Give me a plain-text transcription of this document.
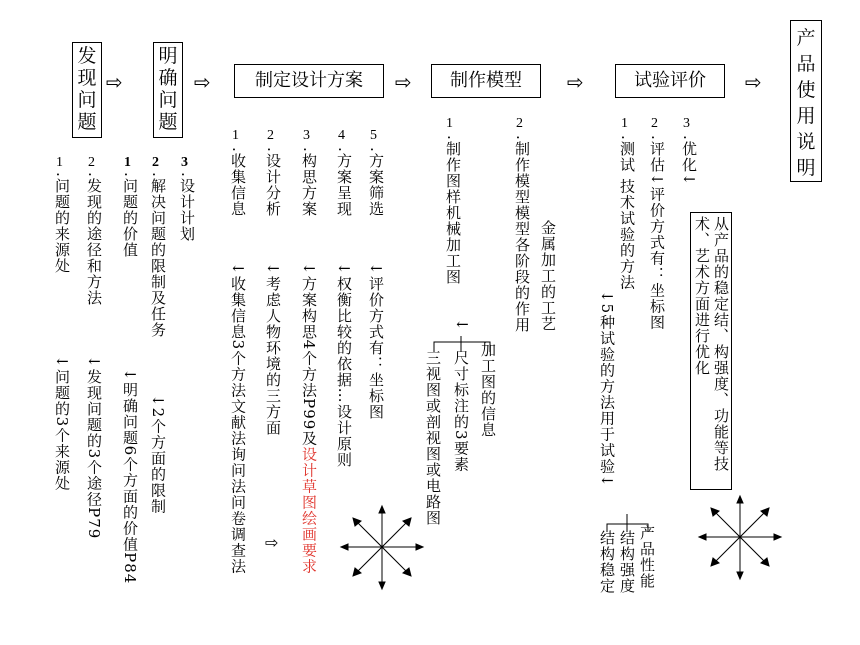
发现问题
⇨
明确问题
⇨	制定设计方案	⇨	制作模型	⇨	试验评价	⇨
产品使用说明
1
.问题的来源处
↓问题的3个来源处
2
.发现的途径和方法
↓发现问题的3个途径P79
1
.问题的价值
↓明确问题6个方面的价值P84
2
.解决问题的限制及任务
↓2个方面的限制
3
.设计计划
1
.收集信息
↓收集信息3个方法文献法询问法问卷调查法
2
.设计分析
↓考虑人物环境的三方面
⇨
3
.构思方案
↓方案构思4个方法P99及设计草图绘画要求
4
.方案呈现
↓权衡比较的依据…设计原则
5
.方案筛选
↓评价方式有：坐标图
1
.制作图样机械加工图
↓
三视图或剖视图或电路图 尺寸标注的3要素 加工图的信息
2
.制作模型模型各阶段的作用 金属加工的工艺
1
.测试 技术试验的方法
↓5种试验的方法用于试验↓
结构稳定 结构强度 产品性能
2
.评估↓评价方式有：坐标图
3
.优化↓
从产品的稳定结、构强度、功能等技术、艺术方面进行优化
